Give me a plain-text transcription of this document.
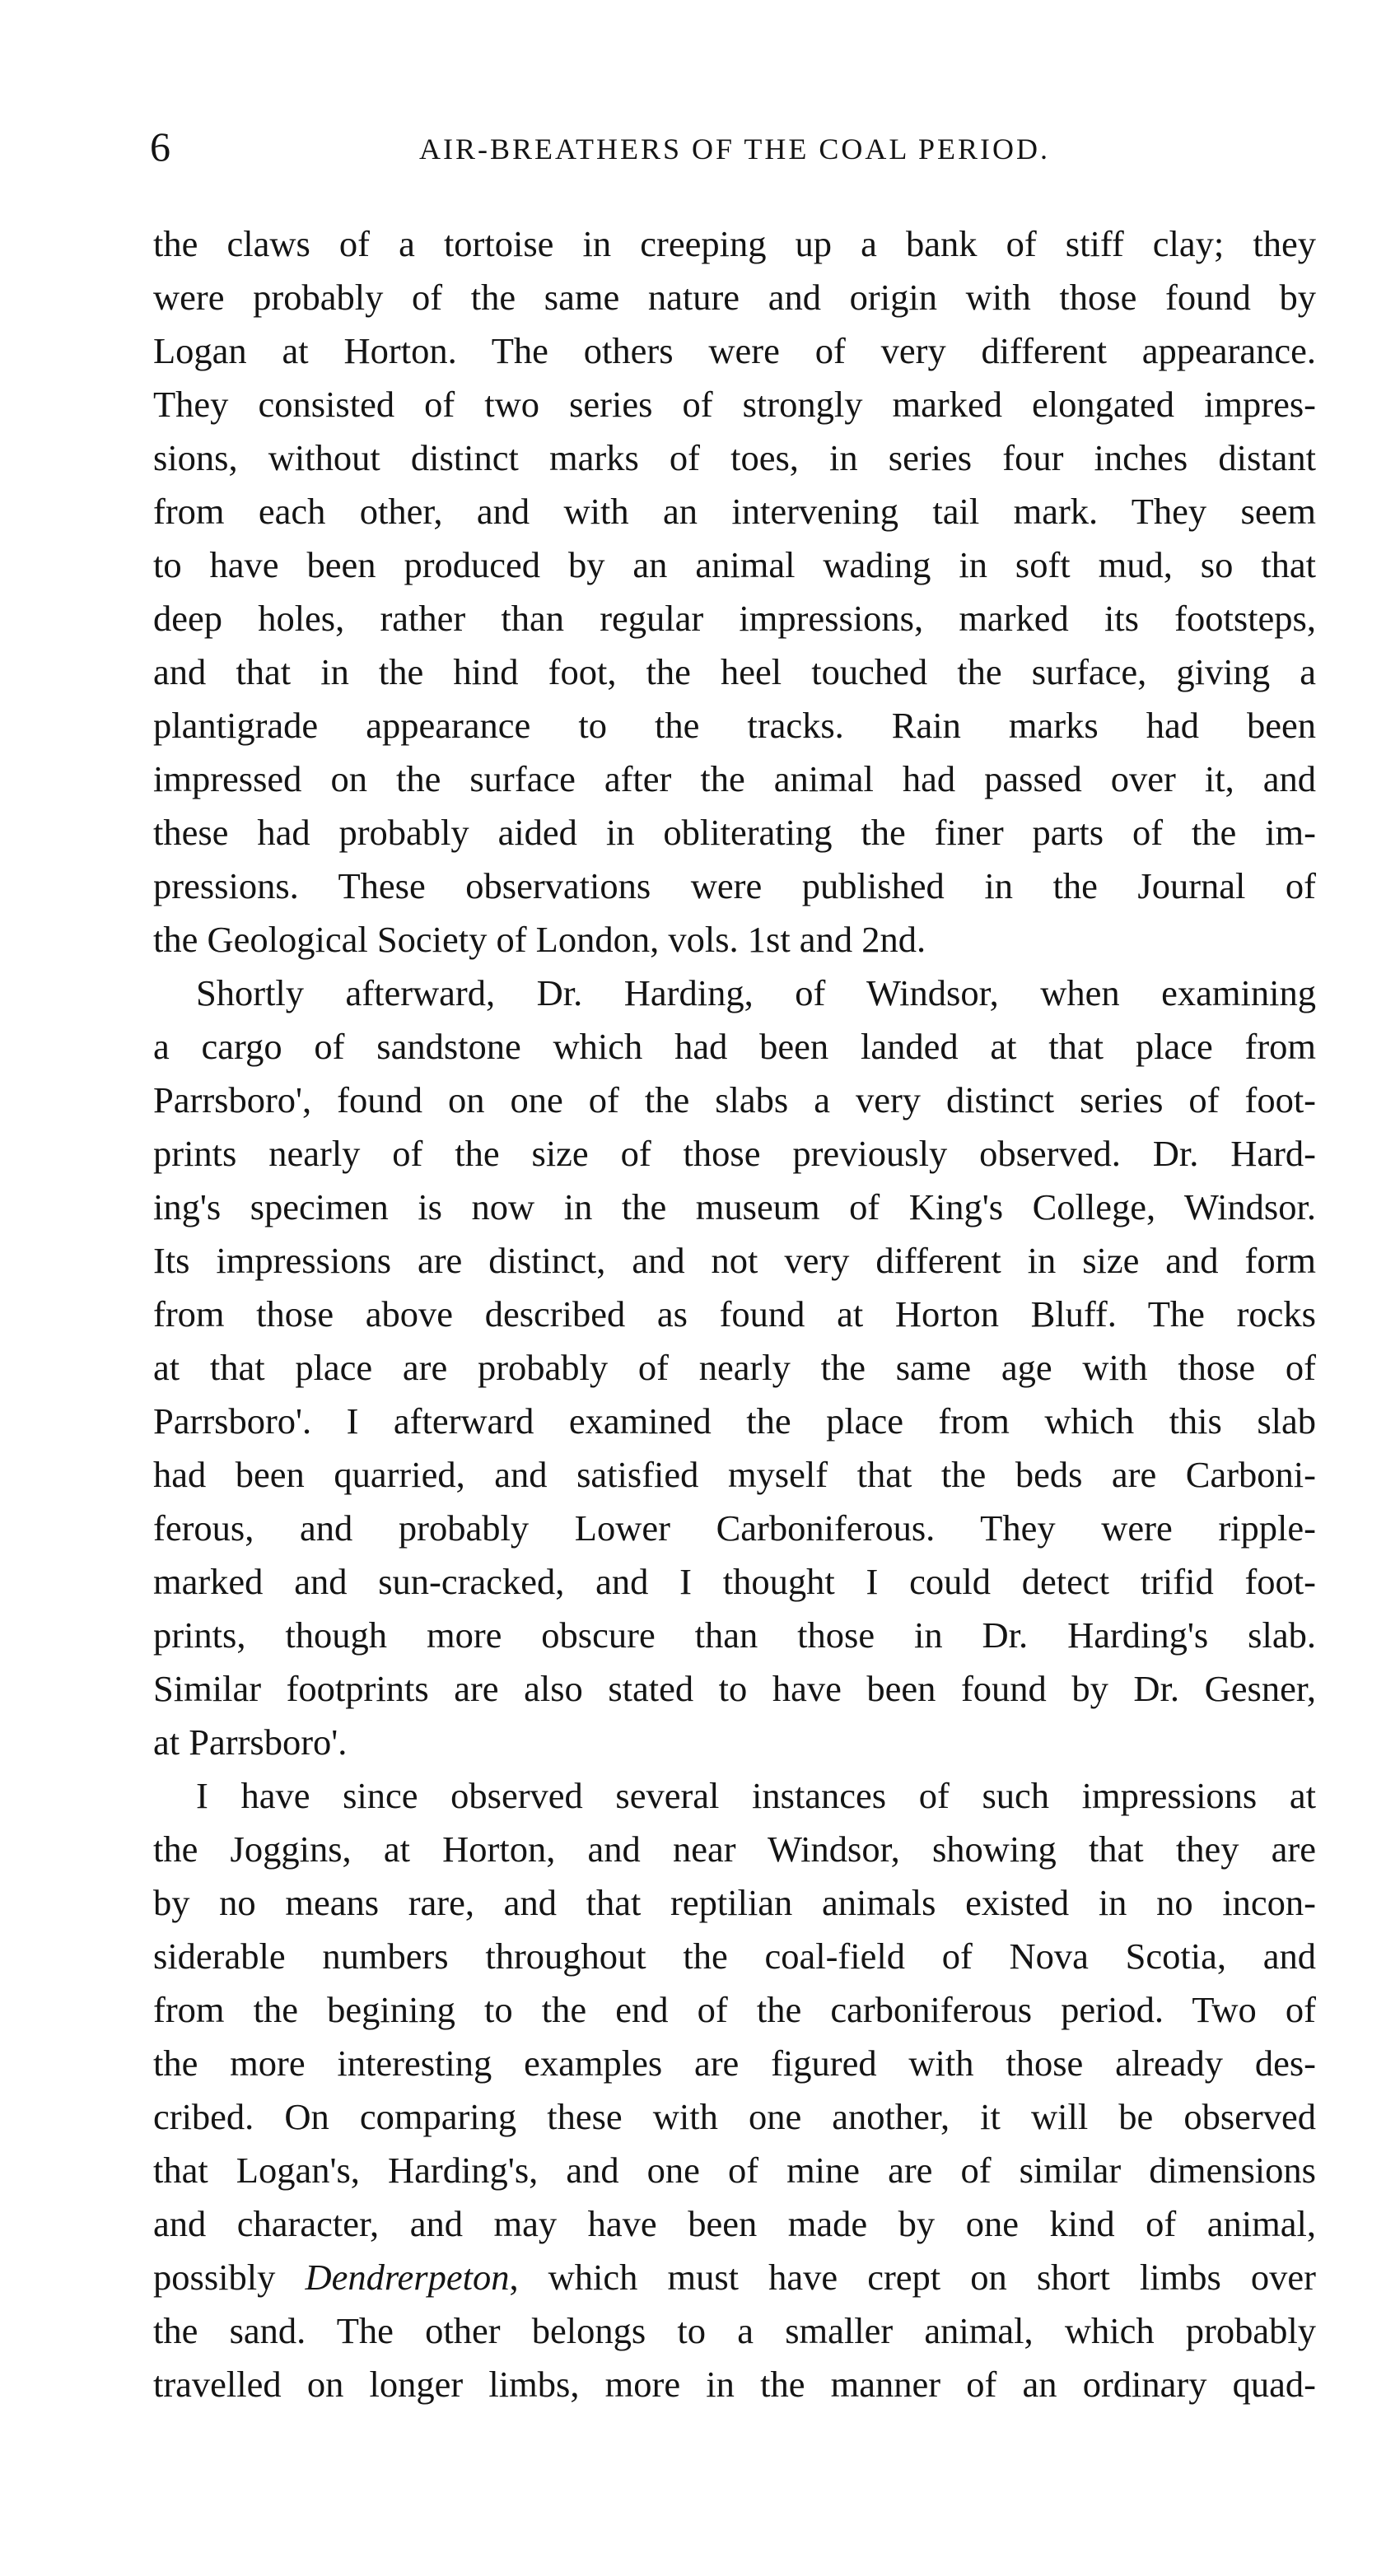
6	AIR-BREATHERS OF THE COAL PERIOD.
the claws of a tortoise in creeping up a bank of stiff clay; they
were probably of the same nature and origin with those found by
Logan at Horton. The others were of very different appearance.
They consisted of two series of strongly marked elongated impres-
sions, without distinct marks of toes, in series four inches distant
from each other, and with an intervening tail mark. They seem
to have been produced by an animal wading in soft mud, so that
deep holes, rather than regular impressions, marked its footsteps,
and that in the hind foot, the heel touched the surface, giving a
plantigrade appearance to the tracks. Rain marks had been
impressed on the surface after the animal had passed over it, and
these had probably aided in obliterating the finer parts of the im-
pressions. These observations were published in the Journal of
the Geological Society of London, vols. 1st and 2nd.
Shortly afterward, Dr. Harding, of Windsor, when examining
a cargo of sandstone which had been landed at that place from
Parrsboro', found on one of the slabs a very distinct series of foot-
prints nearly of the size of those previously observed. Dr. Hard-
ing's specimen is now in the museum of King's College, Windsor.
Its impressions are distinct, and not very different in size and form
from those above described as found at Horton Bluff. The rocks
at that place are probably of nearly the same age with those of
Parrsboro'. I afterward examined the place from which this slab
had been quarried, and satisfied myself that the beds are Carboni-
ferous, and probably Lower Carboniferous. They were ripple-
marked and sun-cracked, and I thought I could detect trifid foot-
prints, though more obscure than those in Dr. Harding's slab.
Similar footprints are also stated to have been found by Dr. Gesner,
at Parrsboro'.
I have since observed several instances of such impressions at
the Joggins, at Horton, and near Windsor, showing that they are
by no means rare, and that reptilian animals existed in no incon-
siderable numbers throughout the coal-field of Nova Scotia, and
from the begining to the end of the carboniferous period. Two of
the more interesting examples are figured with those already des-
cribed. On comparing these with one another, it will be observed
that Logan's, Harding's, and one of mine are of similar dimensions
and character, and may have been made by one kind of animal,
possibly Dendrerpeton, which must have crept on short limbs over
the sand. The other belongs to a smaller animal, which probably
travelled on longer limbs, more in the manner of an ordinary quad-
